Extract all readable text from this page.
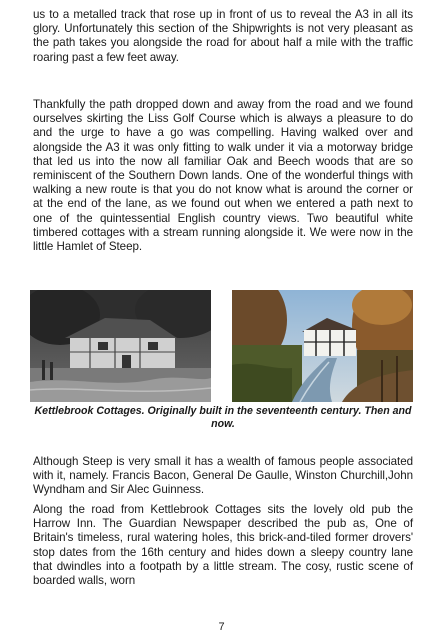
us to a metalled track that rose up in front of us to reveal the A3 in all its glory. Unfortunately this section of the Shipwrights is not very pleasant as the path takes you alongside the road for about half a mile with the traffic roaring past a few feet away.

Thankfully the path dropped down and away from the road and we found ourselves skirting the Liss Golf Course which is always a pleasure to do and the urge to have a go was compelling. Having walked over and alongside the A3 it was only fitting to walk under it via a motorway bridge that led us into the now all familiar Oak and Beech woods that are so reminiscent of the Southern Down lands. One of the wonderful things with walking a new route is that you do not know what is around the corner or at the end of the lane, as we found out when we entered a path next to one of the quintessential English country views. Two beautiful white timbered cottages with a stream running alongside it. We were now in the little Hamlet of Steep.

Kettlebrook Cottages. Originally built in the seventeenth century. Then and now.

Although Steep is very small it has a wealth of famous people associated with it, namely. Francis Bacon, General De Gaulle, Winston Churchill,John Wyndham and Sir Alec Guinness.

Along the road from Kettlebrook Cottages sits the lovely old pub the Harrow Inn. The Guardian Newspaper described the pub as, One of Britain's timeless, rural watering holes, this brick-and-tiled former drovers' stop dates from the 16th century and hides down a sleepy country lane that dwindles into a footpath by a little stream. The cosy, rustic scene of boarded walls, worn

7
